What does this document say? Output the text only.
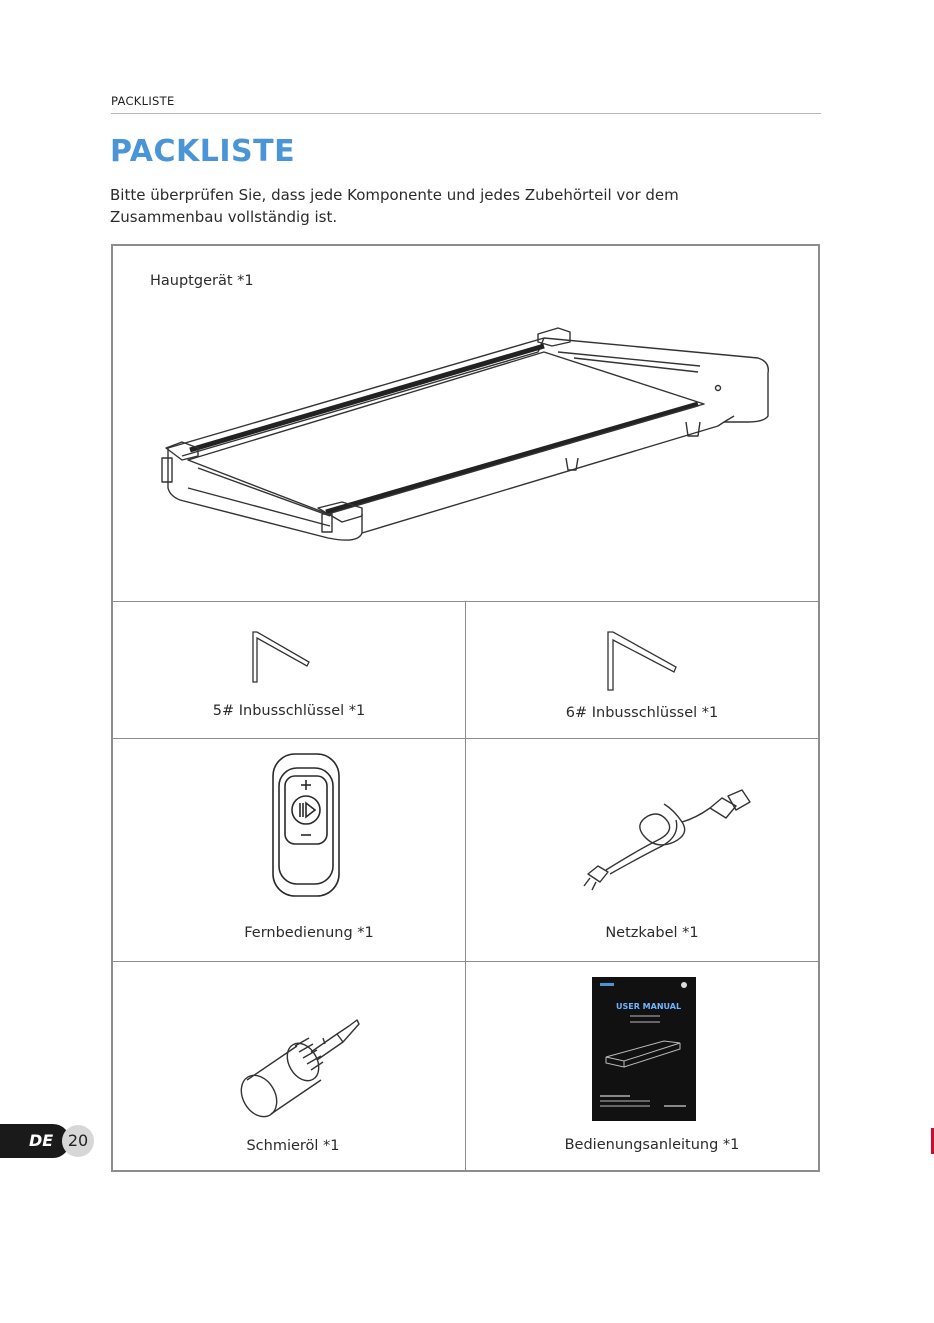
PACKLISTE
PACKLISTE
Bitte überprüfen Sie, dass jede Komponente und jedes Zubehörteil vor dem Zusammenbau vollständig ist.
Hauptgerät *1
5# Inbusschlüssel *1	6# Inbusschlüssel *1
Fernbedienung *1	Netzkabel *1
Schmieröl *1
USER MANUAL
Bedienungsanleitung *1
DE 20
